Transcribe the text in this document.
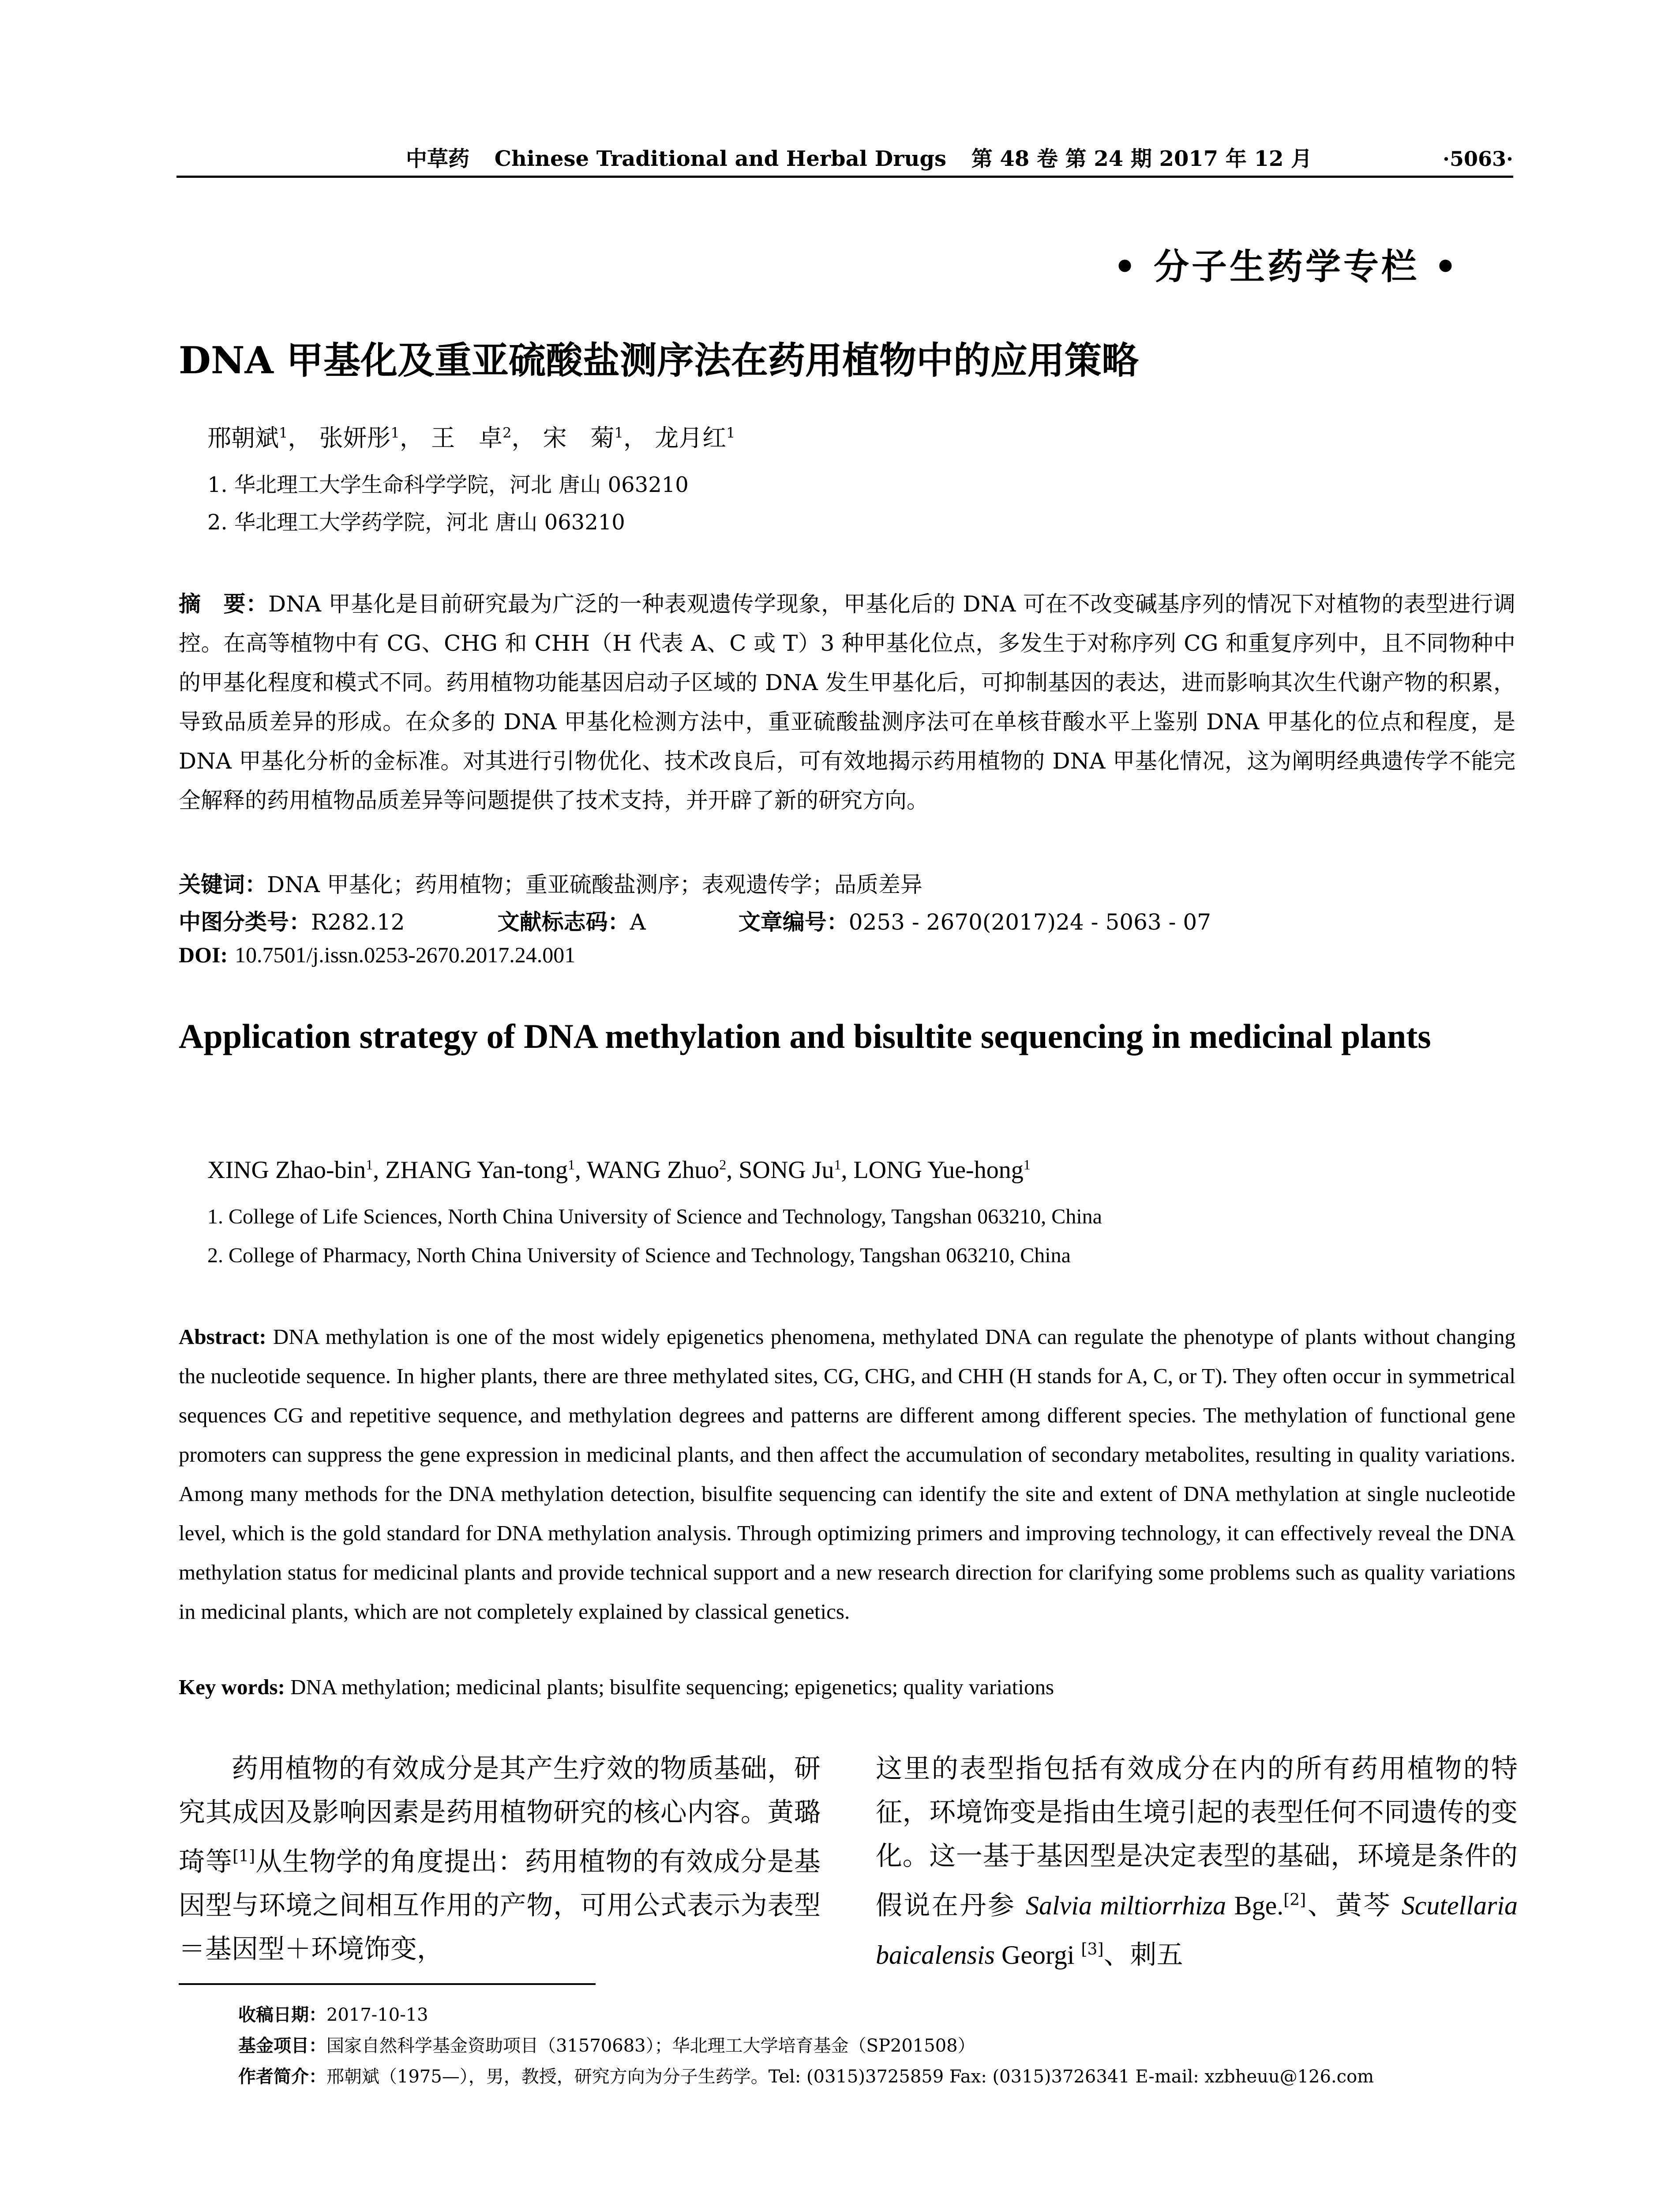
中草药 Chinese Traditional and Herbal Drugs 第 48 卷 第 24 期 2017 年 12 月	·5063·
• 分子生药学专栏 •
DNA 甲基化及重亚硫酸盐测序法在药用植物中的应用策略
邢朝斌$^1$， 张妍彤$^1$， 王　卓$^2$， 宋　菊$^1$， 龙月红$^1$
1. 华北理工大学生命科学学院，河北 唐山 063210
2. 华北理工大学药学院，河北 唐山 063210
摘　要：DNA 甲基化是目前研究最为广泛的一种表观遗传学现象，甲基化后的 DNA 可在不改变碱基序列的情况下对植物的表型进行调控。在高等植物中有 CG、CHG 和 CHH（H 代表 A、C 或 T）3 种甲基化位点，多发生于对称序列 CG 和重复序列中，且不同物种中的甲基化程度和模式不同。药用植物功能基因启动子区域的 DNA 发生甲基化后，可抑制基因的表达，进而影响其次生代谢产物的积累，导致品质差异的形成。在众多的 DNA 甲基化检测方法中，重亚硫酸盐测序法可在单核苷酸水平上鉴别 DNA 甲基化的位点和程度，是 DNA 甲基化分析的金标准。对其进行引物优化、技术改良后，可有效地揭示药用植物的 DNA 甲基化情况，这为阐明经典遗传学不能完全解释的药用植物品质差异等问题提供了技术支持，并开辟了新的研究方向。
关键词：DNA 甲基化；药用植物；重亚硫酸盐测序；表观遗传学；品质差异
中图分类号：R282.12	文献标志码：A	文章编号：0253 - 2670(2017)24 - 5063 - 07
DOI: 10.7501/j.issn.0253-2670.2017.24.001
Application strategy of DNA methylation and bisultite sequencing in medicinal plants
XING Zhao-bin$^1$, ZHANG Yan-tong$^1$, WANG Zhuo$^2$, SONG Ju$^1$, LONG Yue-hong$^1$
1. College of Life Sciences, North China University of Science and Technology, Tangshan 063210, China
2. College of Pharmacy, North China University of Science and Technology, Tangshan 063210, China
Abstract: DNA methylation is one of the most widely epigenetics phenomena, methylated DNA can regulate the phenotype of plants without changing the nucleotide sequence. In higher plants, there are three methylated sites, CG, CHG, and CHH (H stands for A, C, or T). They often occur in symmetrical sequences CG and repetitive sequence, and methylation degrees and patterns are different among different species. The methylation of functional gene promoters can suppress the gene expression in medicinal plants, and then affect the accumulation of secondary metabolites, resulting in quality variations. Among many methods for the DNA methylation detection, bisulfite sequencing can identify the site and extent of DNA methylation at single nucleotide level, which is the gold standard for DNA methylation analysis. Through optimizing primers and improving technology, it can effectively reveal the DNA methylation status for medicinal plants and provide technical support and a new research direction for clarifying some problems such as quality variations in medicinal plants, which are not completely explained by classical genetics.
Key words: DNA methylation; medicinal plants; bisulfite sequencing; epigenetics; quality variations
药用植物的有效成分是其产生疗效的物质基础，研究其成因及影响因素是药用植物研究的核心内容。黄璐琦等[1]从生物学的角度提出：药用植物的有效成分是基因型与环境之间相互作用的产物，可用公式表示为表型＝基因型＋环境饰变，
这里的表型指包括有效成分在内的所有药用植物的特征，环境饰变是指由生境引起的表型任何不同遗传的变化。这一基于基因型是决定表型的基础，环境是条件的假说在丹参 Salvia miltiorrhiza Bge.[2]、黄芩 Scutellaria baicalensis Georgi [3]、刺五
收稿日期：2017-10-13
基金项目：国家自然科学基金资助项目（31570683）；华北理工大学培育基金（SP201508）
作者简介：邢朝斌（1975—），男，教授，研究方向为分子生药学。Tel: (0315)3725859 Fax: (0315)3726341 E-mail: xzbheuu@126.com
